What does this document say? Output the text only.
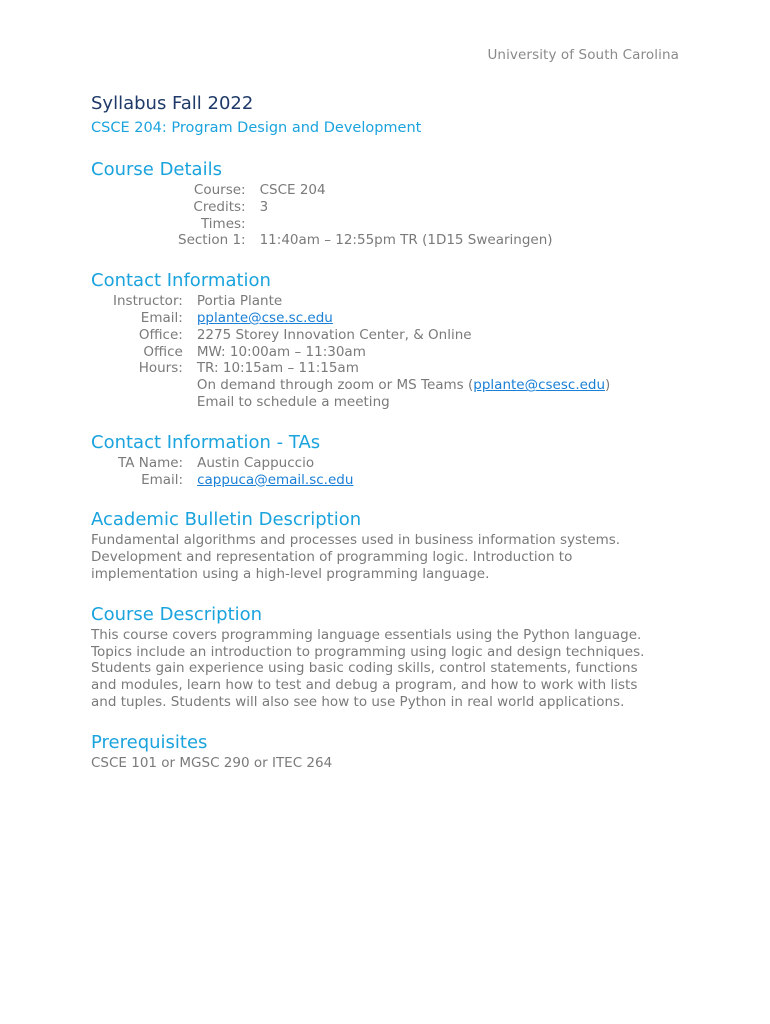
University of South Carolina
Syllabus Fall 2022
CSCE 204: Program Design and Development
Course Details
Course:	CSCE 204
Credits:	3
Times:	
Section 1:	11:40am – 12:55pm TR (1D15 Swearingen)
Contact Information
Instructor:	Portia Plante
Email:	pplante@cse.sc.edu
Office:	2275 Storey Innovation Center, & Online
Office	MW: 10:00am – 11:30am
Hours:	TR: 10:15am – 11:15am
	On demand through zoom or MS Teams (pplante@csesc.edu)
	Email to schedule a meeting
Contact Information - TAs
TA Name:	Austin Cappuccio
Email:	cappuca@email.sc.edu
Academic Bulletin Description

Fundamental algorithms and processes used in business information systems.

Development and representation of programming logic. Introduction to

implementation using a high-level programming language.

Course Description

This course covers programming language essentials using the Python language.

Topics include an introduction to programming using logic and design techniques.

Students gain experience using basic coding skills, control statements, functions

and modules, learn how to test and debug a program, and how to work with lists

and tuples. Students will also see how to use Python in real world applications.

Prerequisites

CSCE 101 or MGSC 290 or ITEC 264
